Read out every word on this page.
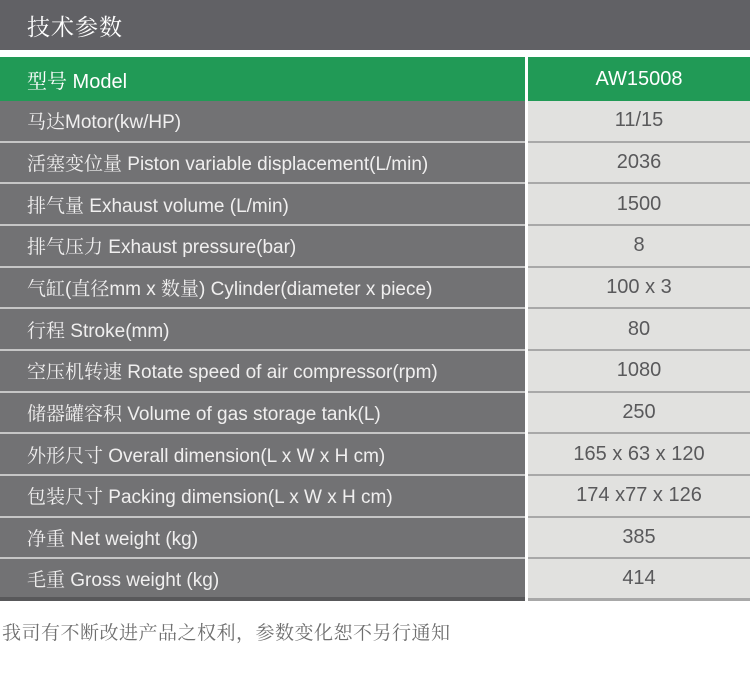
技术参数
型号 Model	AW15008
马达Motor(kw/HP)	11/15
活塞变位量 Piston variable displacement(L/min)	2036
排气量 Exhaust volume (L/min)	1500
排气压力 Exhaust pressure(bar)	8
气缸(直径mm x 数量) Cylinder(diameter x piece)	100 x 3
行程 Stroke(mm)	80
空压机转速 Rotate speed of air compressor(rpm)	1080
储器罐容积 Volume of gas storage tank(L)	250
外形尺寸 Overall dimension(L x W x H cm)	165 x 63 x 120
包装尺寸 Packing dimension(L x W x H cm)	174 x77 x 126
净重 Net weight (kg)	385
毛重 Gross weight (kg)	414
我司有不断改进产品之权利，参数变化恕不另行通知
